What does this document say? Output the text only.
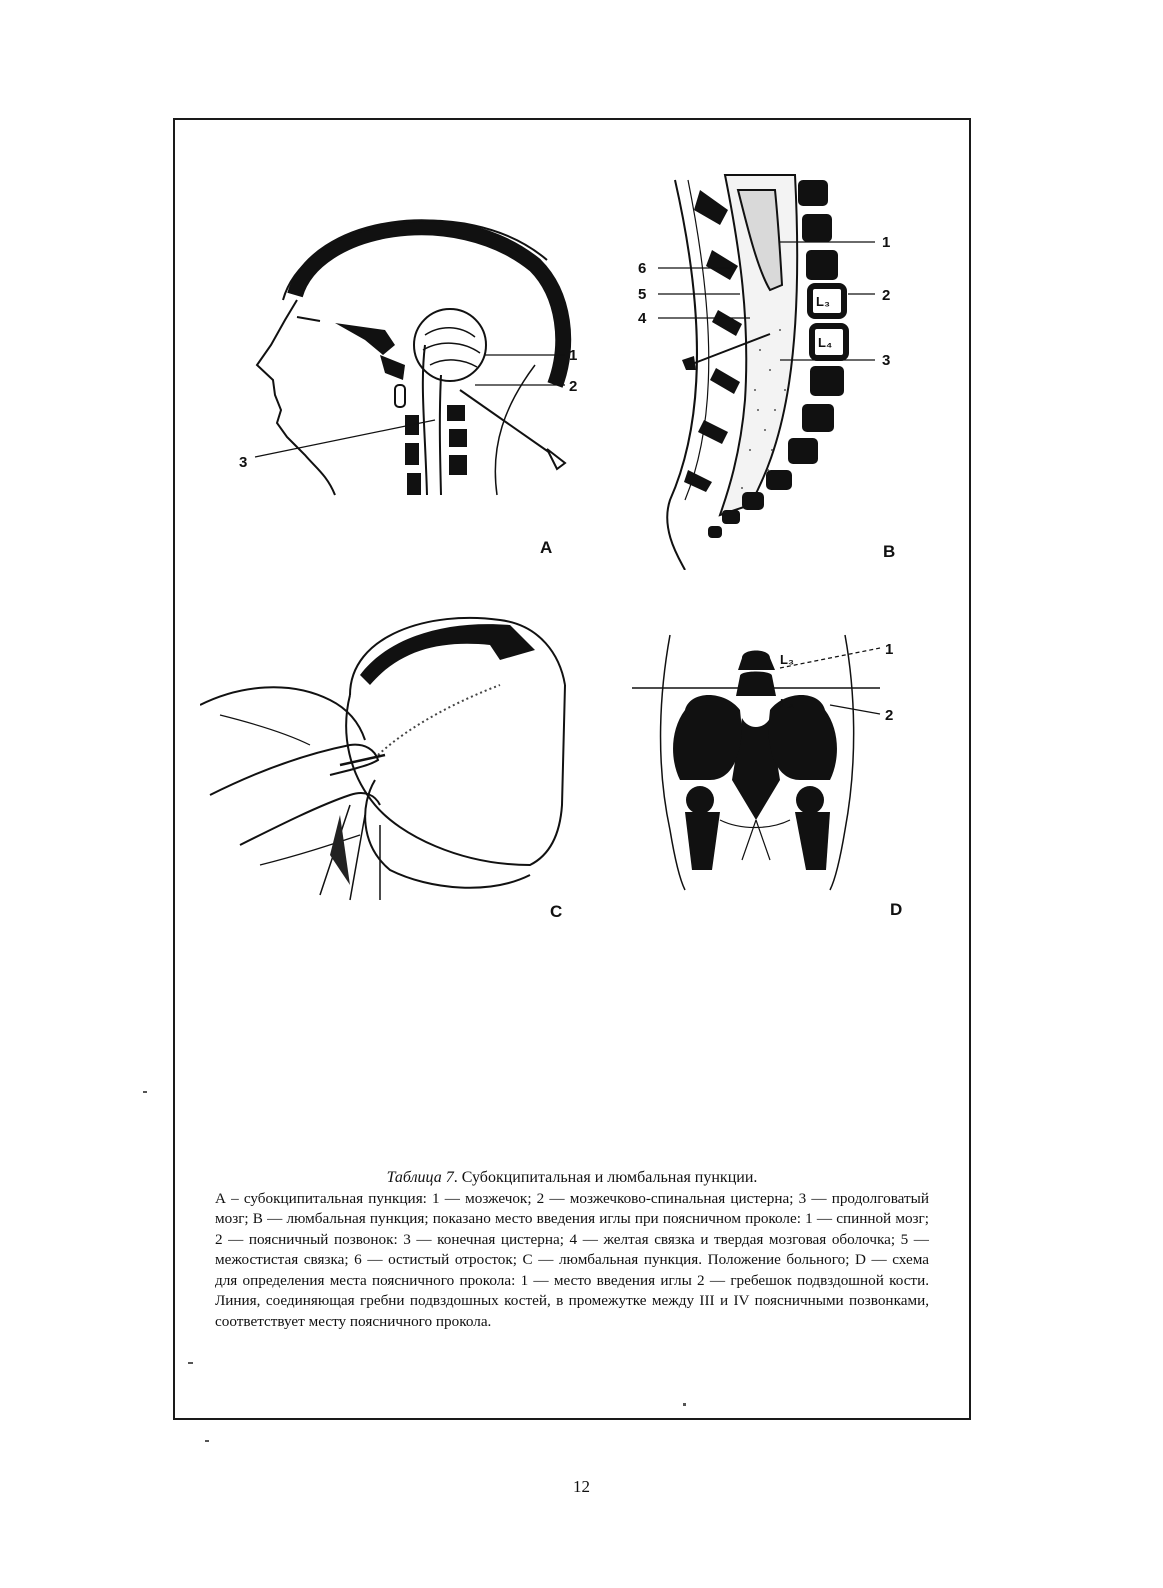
1
2
3
A
L₃
L₄
1
2
3
4
5
6
B
C
L₃
L₄
1
2
D
Таблица 7. Субокципитальная и люмбальная пункции.

А – субокципитальная пункция: 1 — мозжечок; 2 — мозжечково-спинальная цистерна; 3 — продолговатый мозг; В — люмбальная пункция; показано место введения иглы при поясничном проколе: 1 — спинной мозг; 2 — поясничный позвонок: 3 — конечная цистерна; 4 — желтая связка и твердая мозговая оболочка; 5 — межостистая связка; 6 — остистый отросток; С — люмбальная пункция. Положение больного; D — схема для определения места поясничного прокола: 1 — место введения иглы 2 — гребешок подвздошной кости. Линия, соединяющая гребни подвздошных костей, в промежутке между III и IV поясничными позвонками, соответствует месту поясничного прокола.

12
